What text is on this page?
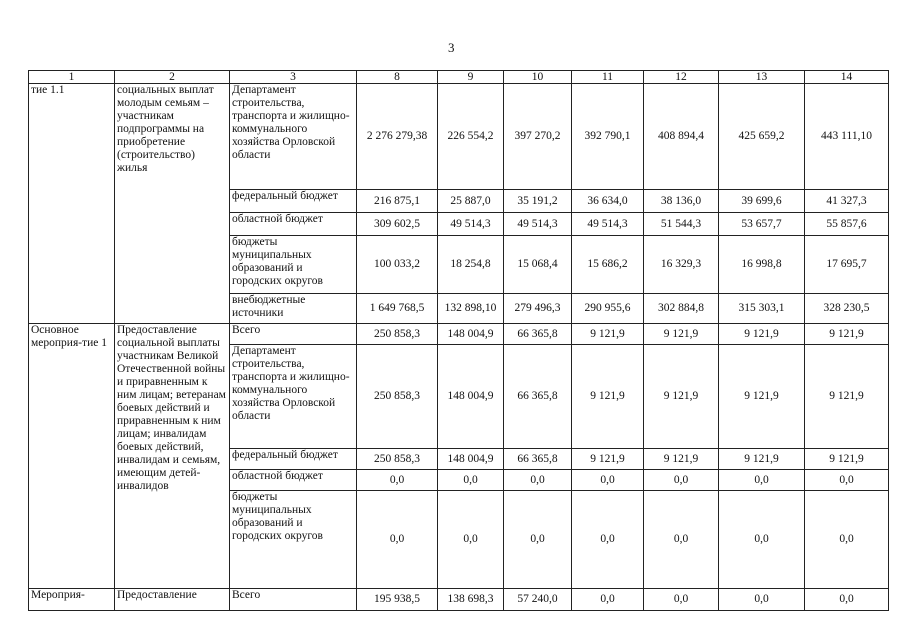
3
1	2	3	8	9	10	11	12	13	14
тие 1.1	социальных выплат молодым семьям – участникам подпрограммы на приобретение (строительство) жилья	Департамент строительства, транспорта и жилищно-коммунального хозяйства Орловской области	2 276 279,38	226 554,2	397 270,2	392 790,1	408 894,4	425 659,2	443 111,10
		федеральный бюджет	216 875,1	25 887,0	35 191,2	36 634,0	38 136,0	39 699,6	41 327,3
		областной бюджет	309 602,5	49 514,3	49 514,3	49 514,3	51 544,3	53 657,7	55 857,6
		бюджеты муниципальных образований и городских округов	100 033,2	18 254,8	15 068,4	15 686,2	16 329,3	16 998,8	17 695,7
		внебюджетные источники	1 649 768,5	132 898,10	279 496,3	290 955,6	302 884,8	315 303,1	328 230,5
Основное мероприя-тие 1	Предоставление социальной выплаты участникам Великой Отечественной войны и приравненным к ним лицам; ветеранам боевых действий и приравненным к ним лицам; инвалидам боевых действий, инвалидам и семьям, имеющим детей-инвалидов	Всего	250 858,3	148 004,9	66 365,8	9 121,9	9 121,9	9 121,9	9 121,9
		Департамент строительства, транспорта и жилищно-коммунального хозяйства Орловской области	250 858,3	148 004,9	66 365,8	9 121,9	9 121,9	9 121,9	9 121,9
		федеральный бюджет	250 858,3	148 004,9	66 365,8	9 121,9	9 121,9	9 121,9	9 121,9
		областной бюджет	0,0	0,0	0,0	0,0	0,0	0,0	0,0
		бюджеты муниципальных образований и городских округов	0,0	0,0	0,0	0,0	0,0	0,0	0,0
Мероприя-	Предоставление	Всего	195 938,5	138 698,3	57 240,0	0,0	0,0	0,0	0,0
